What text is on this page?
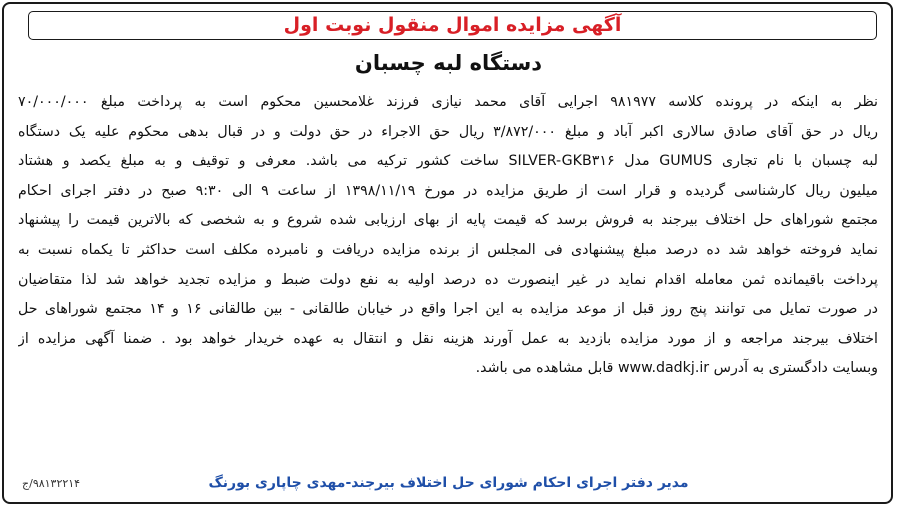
آگهی مزایده اموال منقول نوبت اول
دستگاه لبه چسبان
نظر به اینکه در پرونده کلاسه ۹۸۱۹۷۷ اجرایی آقای محمد نیازی فرزند غلامحسین محکوم است به پرداخت مبلغ ۷۰/۰۰۰/۰۰۰
ریال در حق آقای صادق سالاری اکبر آباد و مبلغ ۳/۸۷۲/۰۰۰ ریال حق الاجراء در حق دولت و در قبال بدهی محکوم علیه یک دستگاه
لبه چسبان با نام تجاری GUMUS مدل SILVER-GKB۳۱۶ ساخت کشور ترکیه می باشد. معرفی و توقیف و به مبلغ یکصد و هشتاد
میلیون ریال کارشناسی گردیده و قرار است از طریق مزایده در مورخ ۱۳۹۸/۱۱/۱۹ از ساعت ۹ الی ۹:۳۰ صبح در دفتر اجرای احکام
مجتمع شوراهای حل اختلاف بیرجند به فروش برسد که قیمت پایه از بهای ارزیابی شده شروع و به شخصی که بالاترین قیمت را پیشنهاد
نماید فروخته خواهد شد ده درصد مبلغ پیشنهادی فی المجلس از برنده مزایده دریافت و نامبرده مکلف است حداکثر تا یکماه نسبت به
پرداخت باقیمانده ثمن معامله اقدام نماید در غیر اینصورت ده درصد اولیه به نفع دولت ضبط و مزایده تجدید خواهد شد لذا متقاضیان
در صورت تمایل می توانند پنج روز قبل از موعد مزایده به این اجرا واقع در خیابان طالقانی - بین طالقانی ۱۶ و ۱۴ مجتمع شوراهای حل
اختلاف بیرجند مراجعه و از مورد مزایده بازدید به عمل آورند هزینه نقل و انتقال به عهده خریدار خواهد بود . ضمنا آگهی مزایده از
وبسایت دادگستری به آدرس www.dadkj.ir قابل مشاهده می باشد.
مدیر دفتر اجرای احکام شورای حل اختلاف بیرجند-مهدی چاپاری بورنگ
۹۸۱۳۲۲۱۴/ج
